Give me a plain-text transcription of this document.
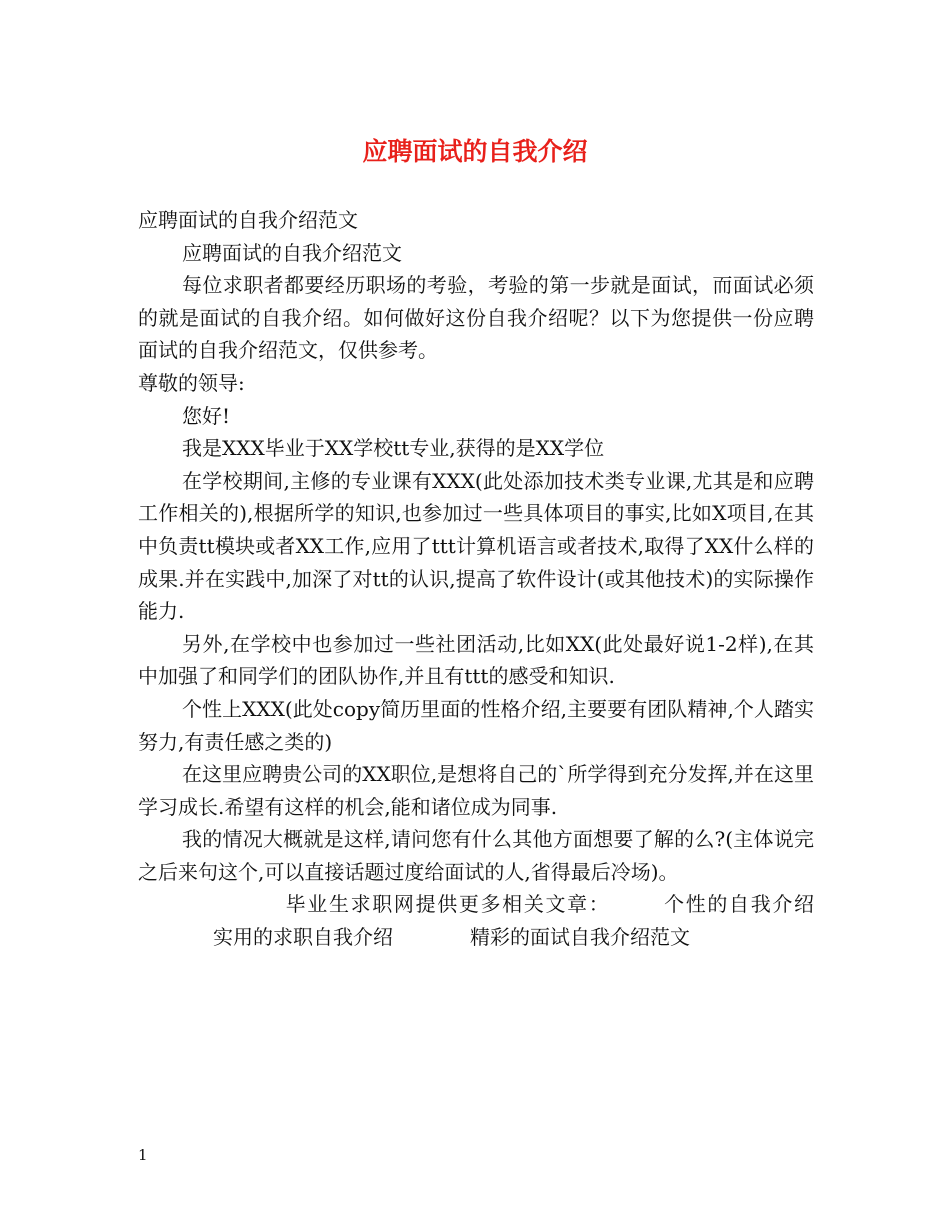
应聘面试的自我介绍

应聘面试的自我介绍范文

应聘面试的自我介绍范文

每位求职者都要经历职场的考验，考验的第一步就是面试，而面试必须的就是面试的自我介绍。如何做好这份自我介绍呢？以下为您提供一份应聘面试的自我介绍范文，仅供参考。

尊敬的领导:

您好!

我是XXX毕业于XX学校tt专业,获得的是XX学位

在学校期间,主修的专业课有XXX(此处添加技术类专业课,尤其是和应聘工作相关的),根据所学的知识,也参加过一些具体项目的事实,比如X项目,在其中负责tt模块或者XX工作,应用了ttt计算机语言或者技术,取得了XX什么样的成果.并在实践中,加深了对tt的认识,提高了软件设计(或其他技术)的实际操作能力.

另外,在学校中也参加过一些社团活动,比如XX(此处最好说1-2样),在其中加强了和同学们的团队协作,并且有ttt的感受和知识.

个性上XXX(此处copy简历里面的性格介绍,主要要有团队精神,个人踏实努力,有责任感之类的)

在这里应聘贵公司的XX职位,是想将自己的`所学得到充分发挥,并在这里学习成长.希望有这样的机会,能和诸位成为同事.

我的情况大概就是这样,请问您有什么其他方面想要了解的么?(主体说完之后来句这个,可以直接话题过度给面试的人,省得最后冷场)。

毕业生求职网提供更多相关文章：	个性的自我介绍实用的求职自我介绍	精彩的面试自我介绍范文

1
